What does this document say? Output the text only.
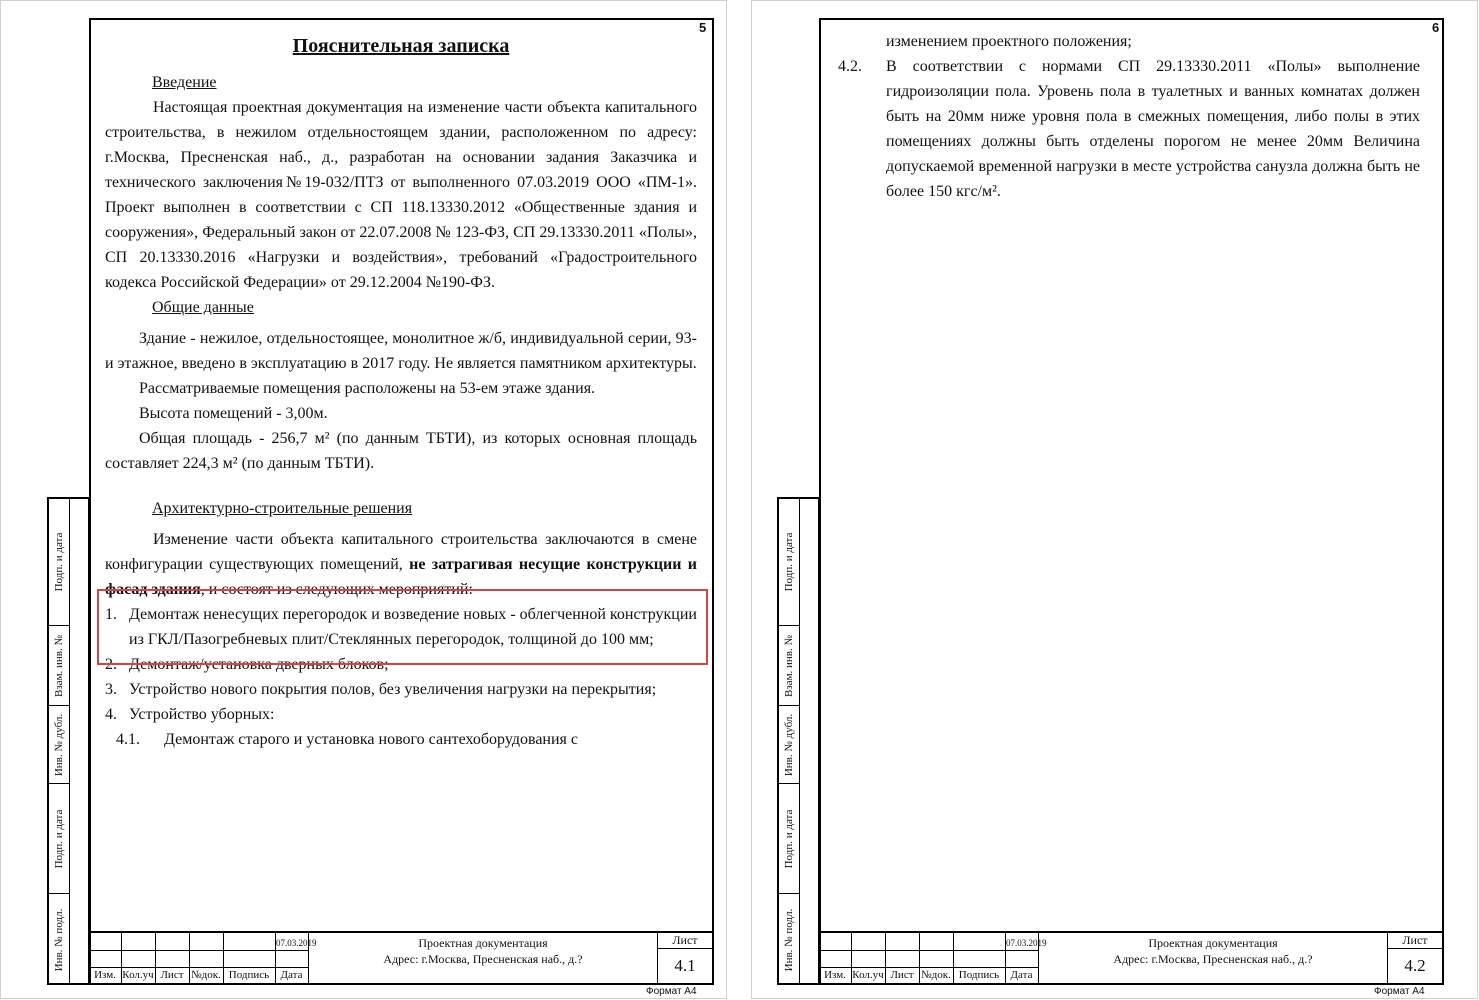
5
Подп. и дата
Взам. инв. №
Инв. № дубл.
Подп. и дата
Инв. № подл.
Пояснительная записка

Введение

Настоящая проектная документация на изменение части объекта капитального строительства, в нежилом отдельностоящем здании, расположенном по адресу: г.Москва, Пресненская наб., д., разработан на основании задания Заказчика и технического заключения№19-032/ПТЗ от выполненного 07.03.2019 ООО «ПМ-1». Проект выполнен в соответствии с СП 118.13330.2012 «Общественные здания и сооружения», Федеральный закон от 22.07.2008 № 123-ФЗ, СП 29.13330.2011 «Полы», СП 20.13330.2016 «Нагрузки и воздействия», требований «Градостроительного кодекса Российской Федерации» от 29.12.2004 №190-ФЗ.

Общие данные

Здание - нежилое, отдельностоящее, монолитное ж/б, индивидуальной серии, 93-и этажное, введено в эксплуатацию в 2017 году. Не является памятником архитектуры.

Рассматриваемые помещения расположены на 53-ем этаже здания.

Высота помещений - 3,00м.

Общая площадь - 256,7 м² (по данным ТБТИ), из которых основная площадь составляет 224,3 м² (по данным ТБТИ).

Архитектурно-строительные решения

Изменение части объекта капитального строительства заключаются в смене конфигурации существующих помещений, не затрагивая несущие конструкции и фасад здания, и состоят из следующих мероприятий:

1. Демонтаж ненесущих перегородок и возведение новых - облегченной конструкции из ГКЛ/Пазогребневых плит/Стеклянных перегородок, толщиной до 100 мм;
2. Демонтаж/установка дверных блоков;
3. Устройство нового покрытия полов, без увеличения нагрузки на перекрытия;
4. Устройство уборных:

4.1. Демонтаж старого и установка нового сантехоборудования с

07.03.2019
Изм. Кол.уч Лист №док. Подпись	Дата
Проектная документация
Адрес: г.Москва, Пресненская наб., д.?
Лист
4.1
Формат А4
6
Подп. и дата
Взам. инв. №
Инв. № дубл.
Подп. и дата
Инв. № подл.

изменением проектного положения;

4.2. В соответствии с нормами СП 29.13330.2011 «Полы» выполнение гидроизоляции пола. Уровень пола в туалетных и ванных комнатах должен быть на 20мм ниже уровня пола в смежных помещения, либо полы в этих помещениях должны быть отделены порогом не менее 20мм Величина допускаемой временной нагрузки в месте устройства санузла должна быть не более 150 кгс/м².

07.03.2019
Изм. Кол.уч Лист №док. Подпись	Дата
Проектная документация
Адрес: г.Москва, Пресненская наб., д.?
Лист
4.2
Формат А4
